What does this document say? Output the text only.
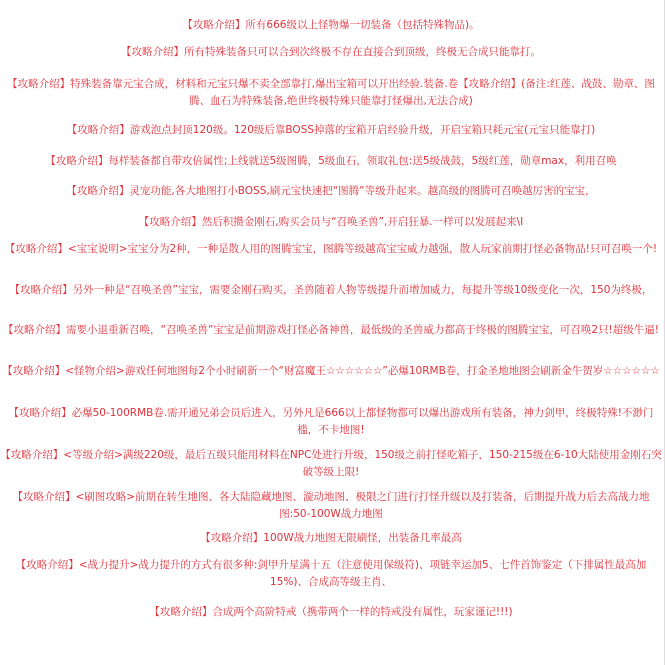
【攻略介绍】所有666级以上怪物爆一切装备（包括特殊物品)。
【攻略介绍】所有特殊装备只可以合到次终极不存在直接合到顶级，终极无合成只能靠打。
【攻略介绍】特殊装备靠元宝合成，材料和元宝只爆不卖全部靠打,爆出宝箱可以开出经验.装备.卷【攻略介绍】(备注:红莲、战鼓、勋章、图腾、血石为特殊装备,绝世终极特殊只能靠打怪爆出,无法合成)
【攻略介绍】游戏泡点封顶120级。120级后靠BOSS掉落的宝箱开启经验升级，开启宝箱只耗元宝(元宝只能靠打)
【攻略介绍】每样装备都自带攻倍属性;上线就送5级图腾，5级血石，领取礼包:送5级战鼓，5级红莲，勋章max，利用召唤
【攻略介绍】灵宠功能,各大地图打小BOSS,刷元宝快速把“图腾”等级升起来。越高级的图腾可召唤越厉害的宝宝，
【攻略介绍】然后积攒金刚石,购买会员与“召唤圣兽”,开启狂暴.一样可以发展起来\I
【攻略介绍】<宝宝说明>宝宝分为2种，一种是散人用的图腾宝宝，图腾等级越高宝宝威力越强，散人玩家前期打怪必备物品!只可召唤一个!
【攻略介绍】另外一种是“召唤圣兽”宝宝，需要金刚石购买，圣兽随着人物等级提升而增加威力，每提升等级10级变化一次，150为终极，
【攻略介绍】需要小退重新召唤，“召唤圣兽”宝宝是前期游戏打怪必备神兽，最低级的圣兽威力都高于终极的图腾宝宝，可召唤2只!超级牛逼!
【攻略介绍】<怪物介绍>游戏任何地图每2个小时刷新一个“财富魔王☆☆☆☆☆☆”必爆10RMB卷，打金圣地地图会刷新金牛贺岁☆☆☆☆☆☆
【攻略介绍】必爆50-100RMB卷.需开通兄弟会员后进入，另外凡是666以上都怪物都可以爆出游戏所有装备，神力剑甲，终极特殊!不渺门槛，不卡地图!
【攻略介绍】<等级介绍>满级220级，最后五级只能用材料在NPC处进行升级，150级之前打怪吃箱子，150-215级在6-10大陆使用金刚石突破等级上限!
【攻略介绍】<刷图攻略>前期在转生地图、各大陆隐藏地图、漩动地图、极限之门进行打怪升级以及打装备，后期提升战力后去高战力地图:50-100W战力地图
【攻略介绍】100W战力地图无限刷怪，出装备几率最高
【攻略介绍】<战力提升>战力提升的方式有很多种:剑甲升星满十五（注意使用保级符)、项链幸运加5、七件首饰鉴定（下排属性最高加15%)、合成高等级主肖、
【攻略介绍】合成两个高阶特戒（携带两个一样的特戒没有属性，玩家谨记!!!)
